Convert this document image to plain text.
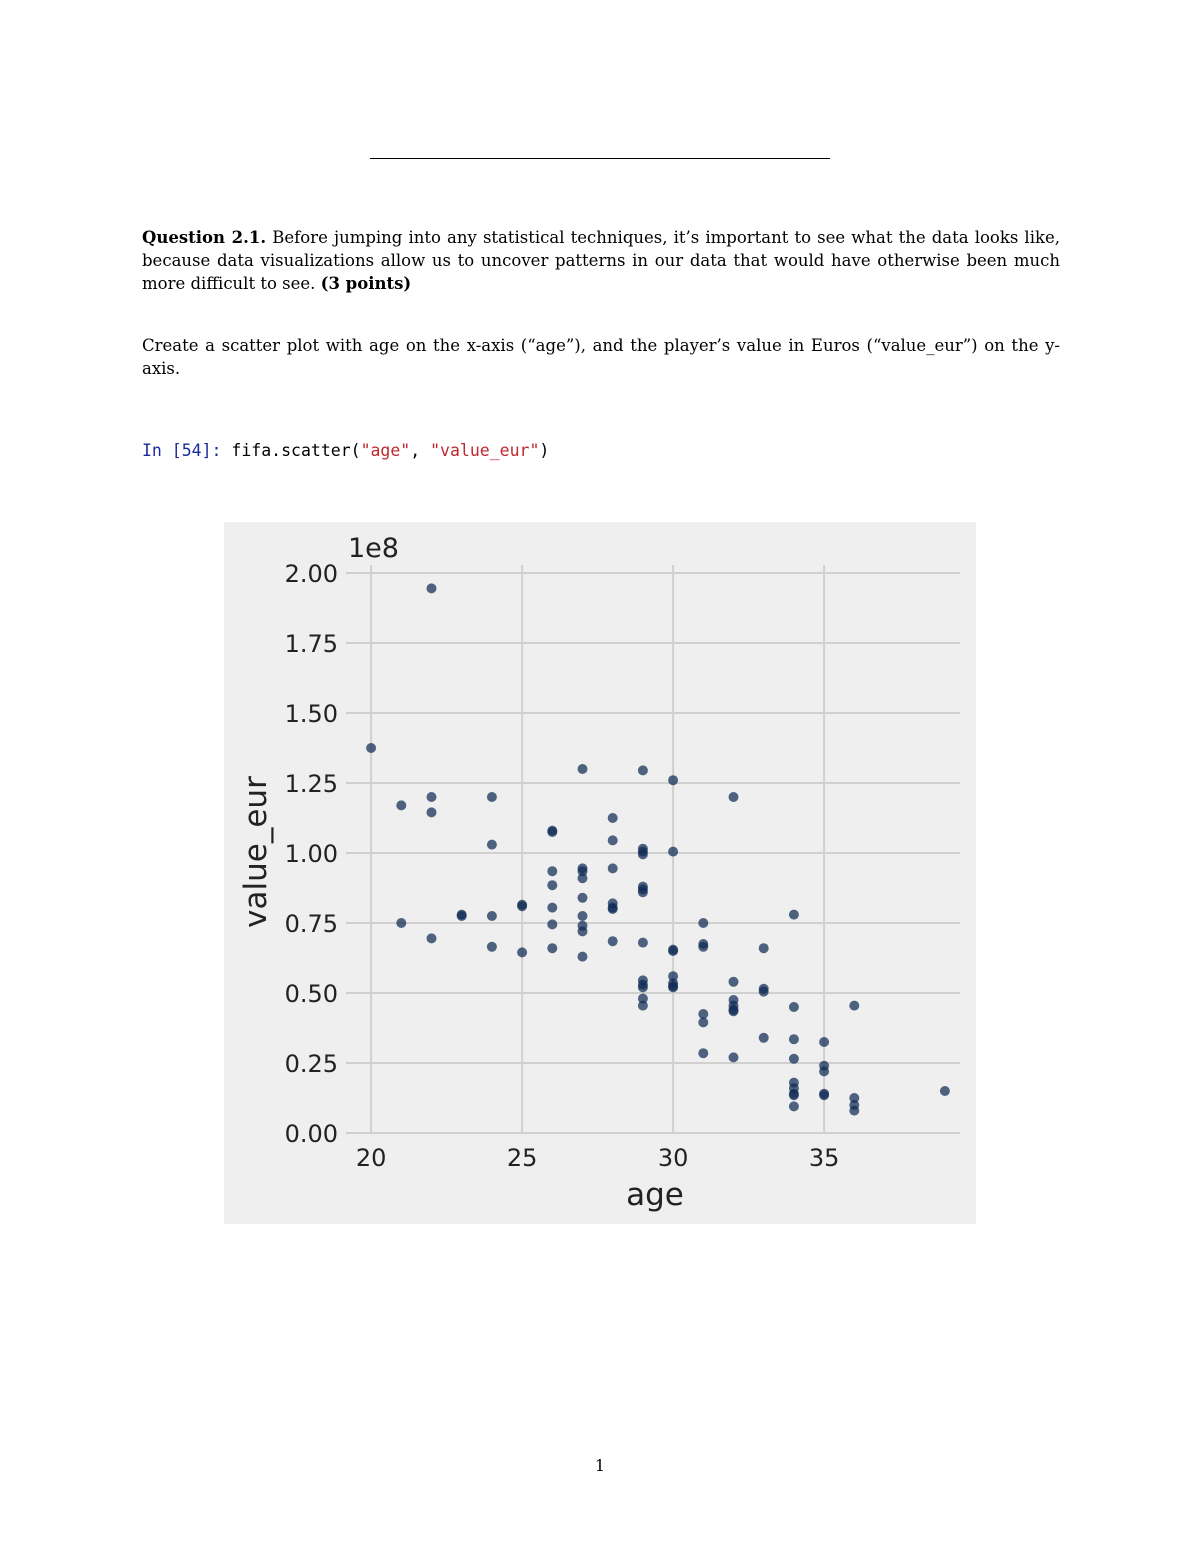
Question 2.1. Before jumping into any statistical techniques, it’s important to see what the data looks like, because data visualizations allow us to uncover patterns in our data that would have otherwise been much more difficult to see. (3 points)

Create a scatter plot with age on the x-axis (“age”), and the player’s value in Euros (“value_eur”) on the y-axis.

In [54]: fifa.scatter("age", "value_eur")
20	25	30	35
0.00
0.25
0.50
0.75
1.00
1.25
1.50
1.75
2.00
1e8
age
value_eur
1
